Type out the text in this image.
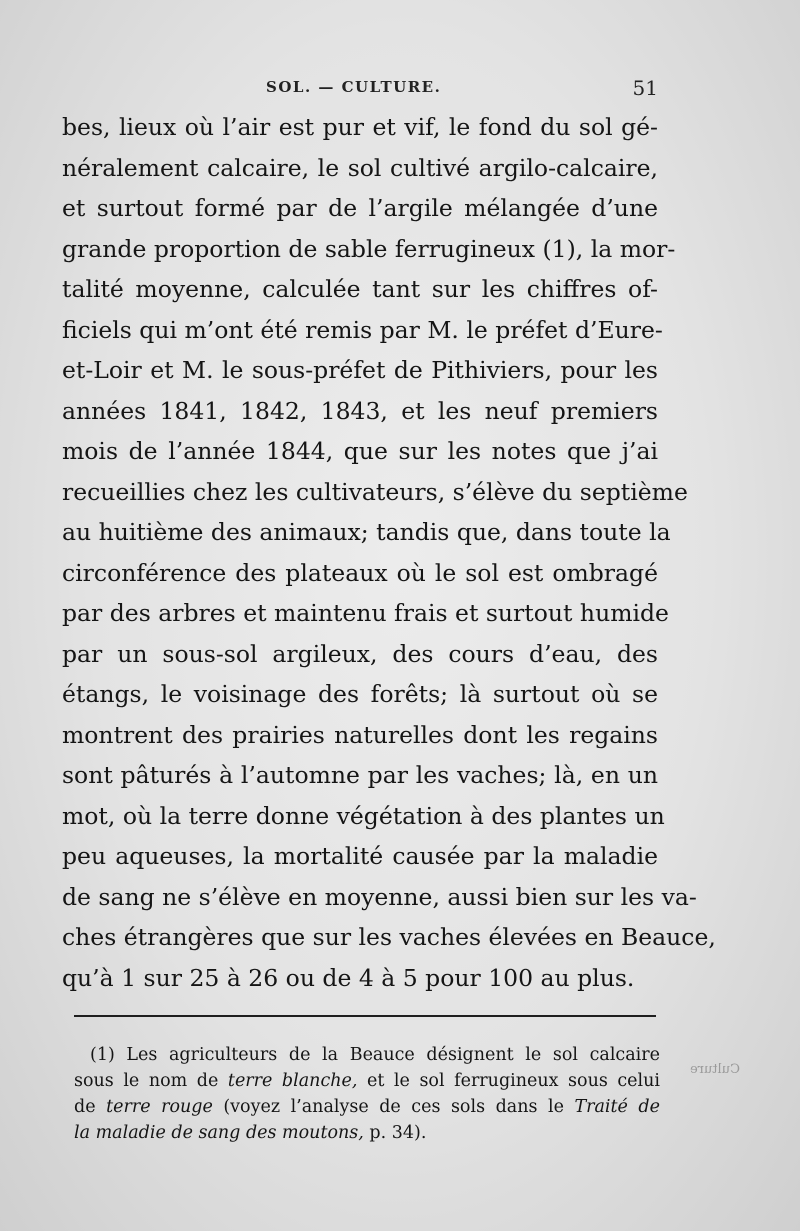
SOL. — CULTURE.	51
bes, lieux où l’air est pur et vif, le fond du sol gé-
néralement calcaire, le sol cultivé argilo-calcaire,
et surtout formé par de l’argile mélangée d’une
grande proportion de sable ferrugineux (1), la mor-
talité moyenne, calculée tant sur les chiffres of-
ficiels qui m’ont été remis par M. le préfet d’Eure-
et-Loir et M. le sous-préfet de Pithiviers, pour les
années 1841, 1842, 1843, et les neuf premiers
mois de l’année 1844, que sur les notes que j’ai
recueillies chez les cultivateurs, s’élève du septième
au huitième des animaux; tandis que, dans toute la
circonférence des plateaux où le sol est ombragé
par des arbres et maintenu frais et surtout humide
par un sous-sol argileux, des cours d’eau, des
étangs, le voisinage des forêts; là surtout où se
montrent des prairies naturelles dont les regains
sont pâturés à l’automne par les vaches; là, en un
mot, où la terre donne végétation à des plantes un
peu aqueuses, la mortalité causée par la maladie
de sang ne s’élève en moyenne, aussi bien sur les va-
ches étrangères que sur les vaches élevées en Beauce,
qu’à 1 sur 25 à 26 ou de 4 à 5 pour 100 au plus.
(1) Les agriculteurs de la Beauce désignent le sol calcaire
sous le nom de terre blanche, et le sol ferrugineux sous celui
de terre rouge (voyez l’analyse de ces sols dans le Traité de
la maladie de sang des moutons, p. 34).
Culture
